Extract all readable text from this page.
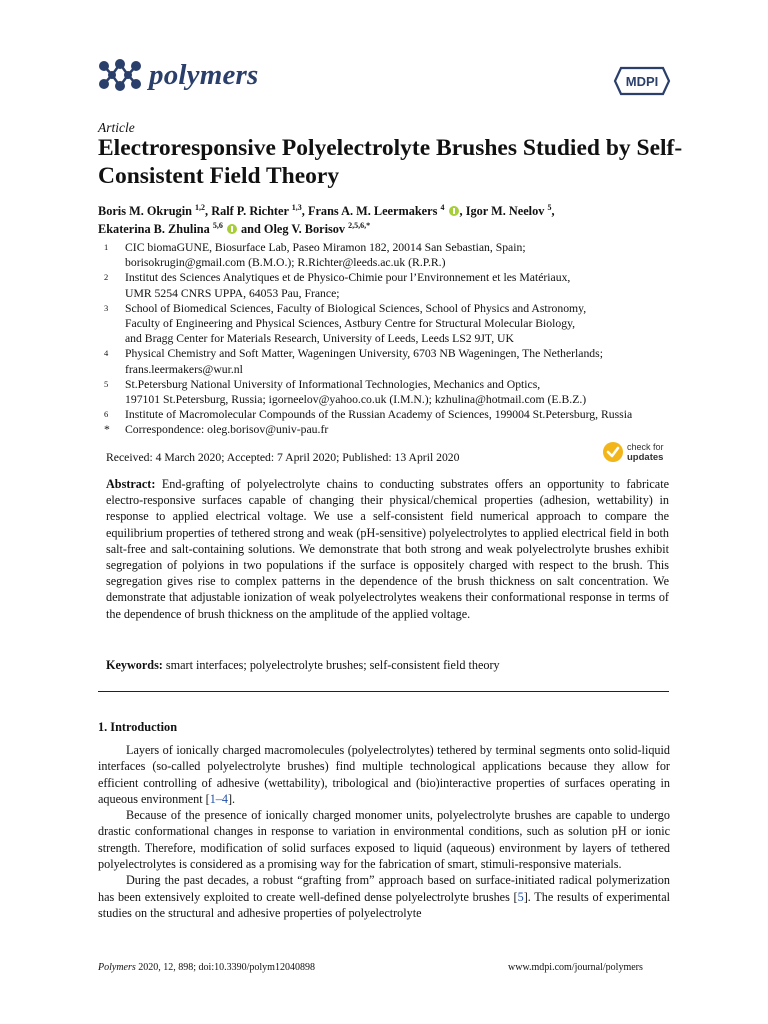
polymers	MDPI
Article
Electroresponsive Polyelectrolyte Brushes Studied by Self-Consistent Field Theory
Boris M. Okrugin $^{1,2}$, Ralf P. Richter $^{1,3}$, Frans A. M. Leermakers $^4$ , Igor M. Neelov $^5$,
Ekaterina B. Zhulina $^{5,6}$ and Oleg V. Borisov $^{2,5,6,*}$
1	CIC biomaGUNE, Biosurface Lab, Paseo Miramon 182, 20014 San Sebastian, Spain;
borisokrugin@gmail.com (B.M.O.); R.Richter@leeds.ac.uk (R.P.R.)
2	Institut des Sciences Analytiques et de Physico-Chimie pour l’Environnement et les Matériaux,
UMR 5254 CNRS UPPA, 64053 Pau, France;
3	School of Biomedical Sciences, Faculty of Biological Sciences, School of Physics and Astronomy,
Faculty of Engineering and Physical Sciences, Astbury Centre for Structural Molecular Biology,
and Bragg Center for Materials Research, University of Leeds, Leeds LS2 9JT, UK
4	Physical Chemistry and Soft Matter, Wageningen University, 6703 NB Wageningen, The Netherlands;
frans.leermakers@wur.nl
5	St.Petersburg National University of Informational Technologies, Mechanics and Optics,
197101 St.Petersburg, Russia; igorneelov@yahoo.co.uk (I.M.N.); kzhulina@hotmail.com (E.B.Z.)
6	Institute of Macromolecular Compounds of the Russian Academy of Sciences, 199004 St.Petersburg, Russia
*	Correspondence: oleg.borisov@univ-pau.fr
Received: 4 March 2020; Accepted: 7 April 2020; Published: 13 April 2020
check for
updates

Abstract: End-grafting of polyelectrolyte chains to conducting substrates offers an opportunity to fabricate electro-responsive surfaces capable of changing their physical/chemical properties (adhesion, wettability) in response to applied electrical voltage. We use a self-consistent field numerical approach to compare the equilibrium properties of tethered strong and weak (pH-sensitive) polyelectrolytes to applied electrical field in both salt-free and salt-containing solutions. We demonstrate that both strong and weak polyelectrolyte brushes exhibit segregation of polyions in two populations if the surface is oppositely charged with respect to the brush. This segregation gives rise to complex patterns in the dependence of the brush thickness on salt concentration. We demonstrate that adjustable ionization of weak polyelectrolytes weakens their conformational response in terms of the dependence of brush thickness on the amplitude of the applied voltage.

Keywords: smart interfaces; polyelectrolyte brushes; self-consistent field theory
1. Introduction

Layers of ionically charged macromolecules (polyelectrolytes) tethered by terminal segments onto solid-liquid interfaces (so-called polyelectrolyte brushes) find multiple technological applications because they allow for efficient controlling of adhesive (wettability), tribological and (bio)interactive properties of surfaces operating in aqueous environment [1–4].

Because of the presence of ionically charged monomer units, polyelectrolyte brushes are capable to undergo drastic conformational changes in response to variation in environmental conditions, such as solution pH or ionic strength. Therefore, modification of solid surfaces exposed to liquid (aqueous) environment by layers of tethered polyelectrolytes is considered as a promising way for the fabrication of smart, stimuli-responsive materials.

During the past decades, a robust “grafting from” approach based on surface-initiated radical polymerization has been extensively exploited to create well-defined dense polyelectrolyte brushes [5]. The results of experimental studies on the structural and adhesive properties of polyelectrolyte

Polymers 2020, 12, 898; doi:10.3390/polym12040898	www.mdpi.com/journal/polymers
